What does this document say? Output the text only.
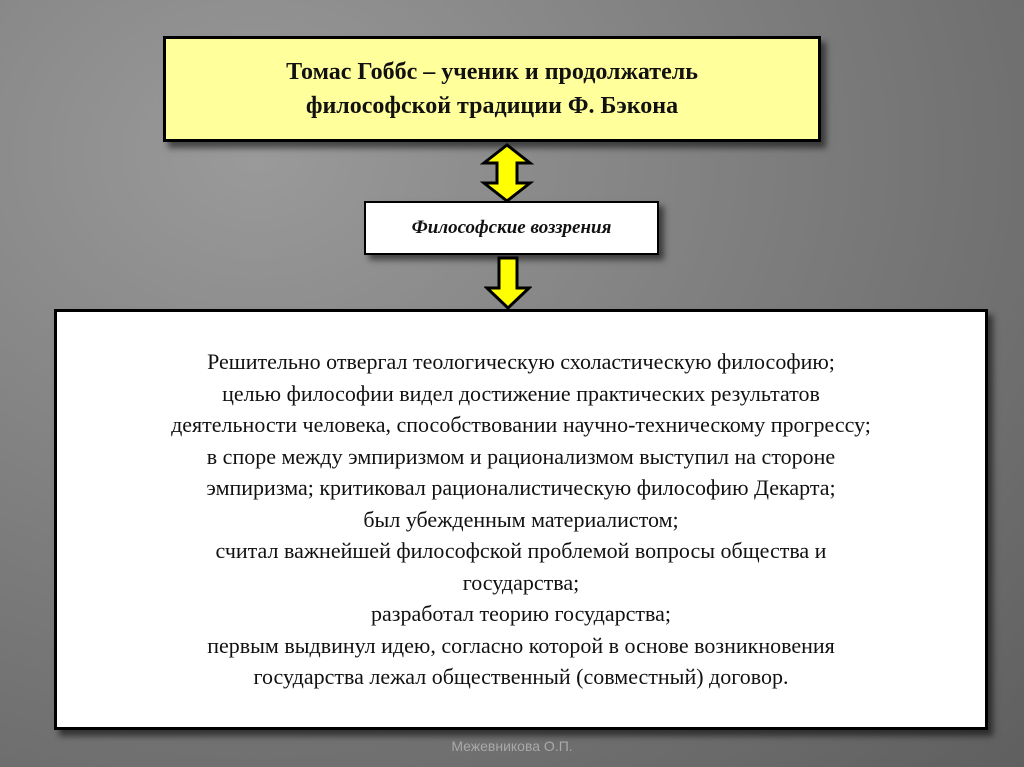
Томас Гоббс – ученик и продолжатель
философской традиции Ф. Бэкона
Философские воззрения
Решительно отвергал теологическую схоластическую философию;
целью философии видел достижение практических результатов
деятельности человека, способствовании научно-техническому прогрессу;
в споре между эмпиризмом и рационализмом выступил на стороне
эмпиризма; критиковал рационалистическую философию Декарта;
был убежденным материалистом;
считал важнейшей философской проблемой вопросы общества и
государства;
разработал теорию государства;
первым выдвинул идею, согласно которой в основе возникновения
государства лежал общественный (совместный) договор.
Межевникова О.П.
